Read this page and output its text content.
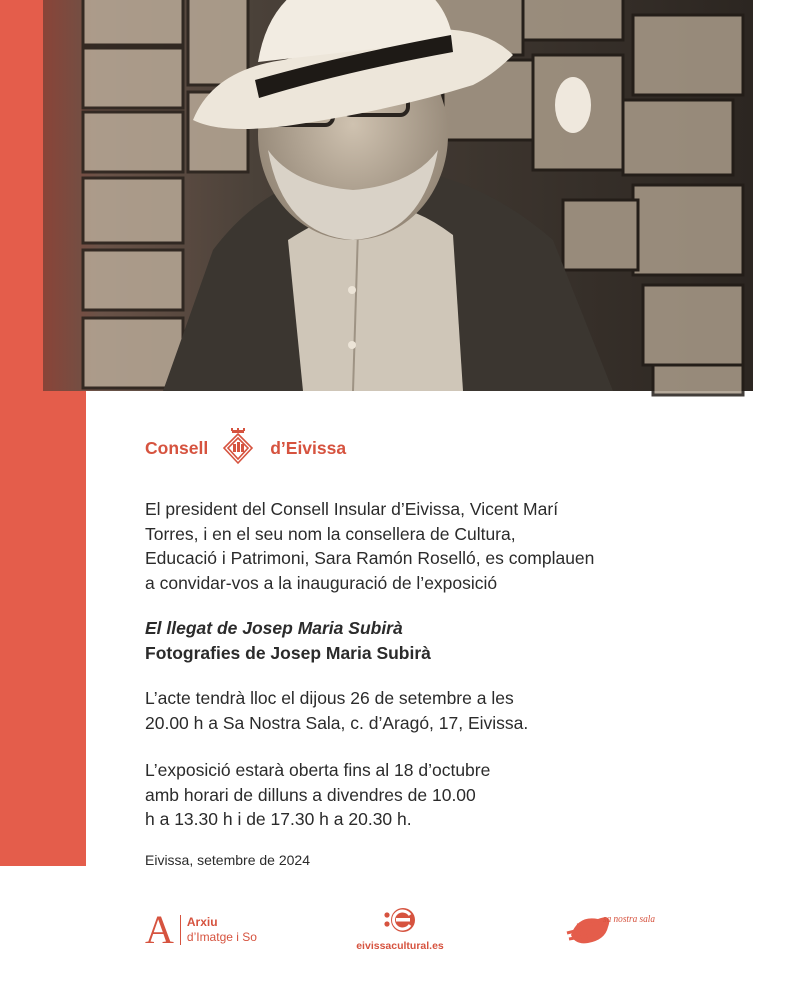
Consell	d’Eivissa
El president del Consell Insular d’Eivissa, Vicent Marí
Torres, i en el seu nom la consellera de Cultura,
Educació i Patrimoni, Sara Ramón Roselló, es complauen
a convidar-vos a la inauguració de l’exposició
El llegat de Josep Maria Subirà
Fotografies de Josep Maria Subirà
L’acte tendrà lloc el dijous 26 de setembre a les
20.00 h a Sa Nostra Sala, c. d’Aragó, 17, Eivissa.
L’exposició estarà oberta fins al 18 d’octubre
amb horari de dilluns a divendres de 10.00
h a 13.30 h i de 17.30 h a 20.30 h.
Eivissa, setembre de 2024
A Arxiu
d’Imatge i So
eivissacultural.es
sa nostra sala
